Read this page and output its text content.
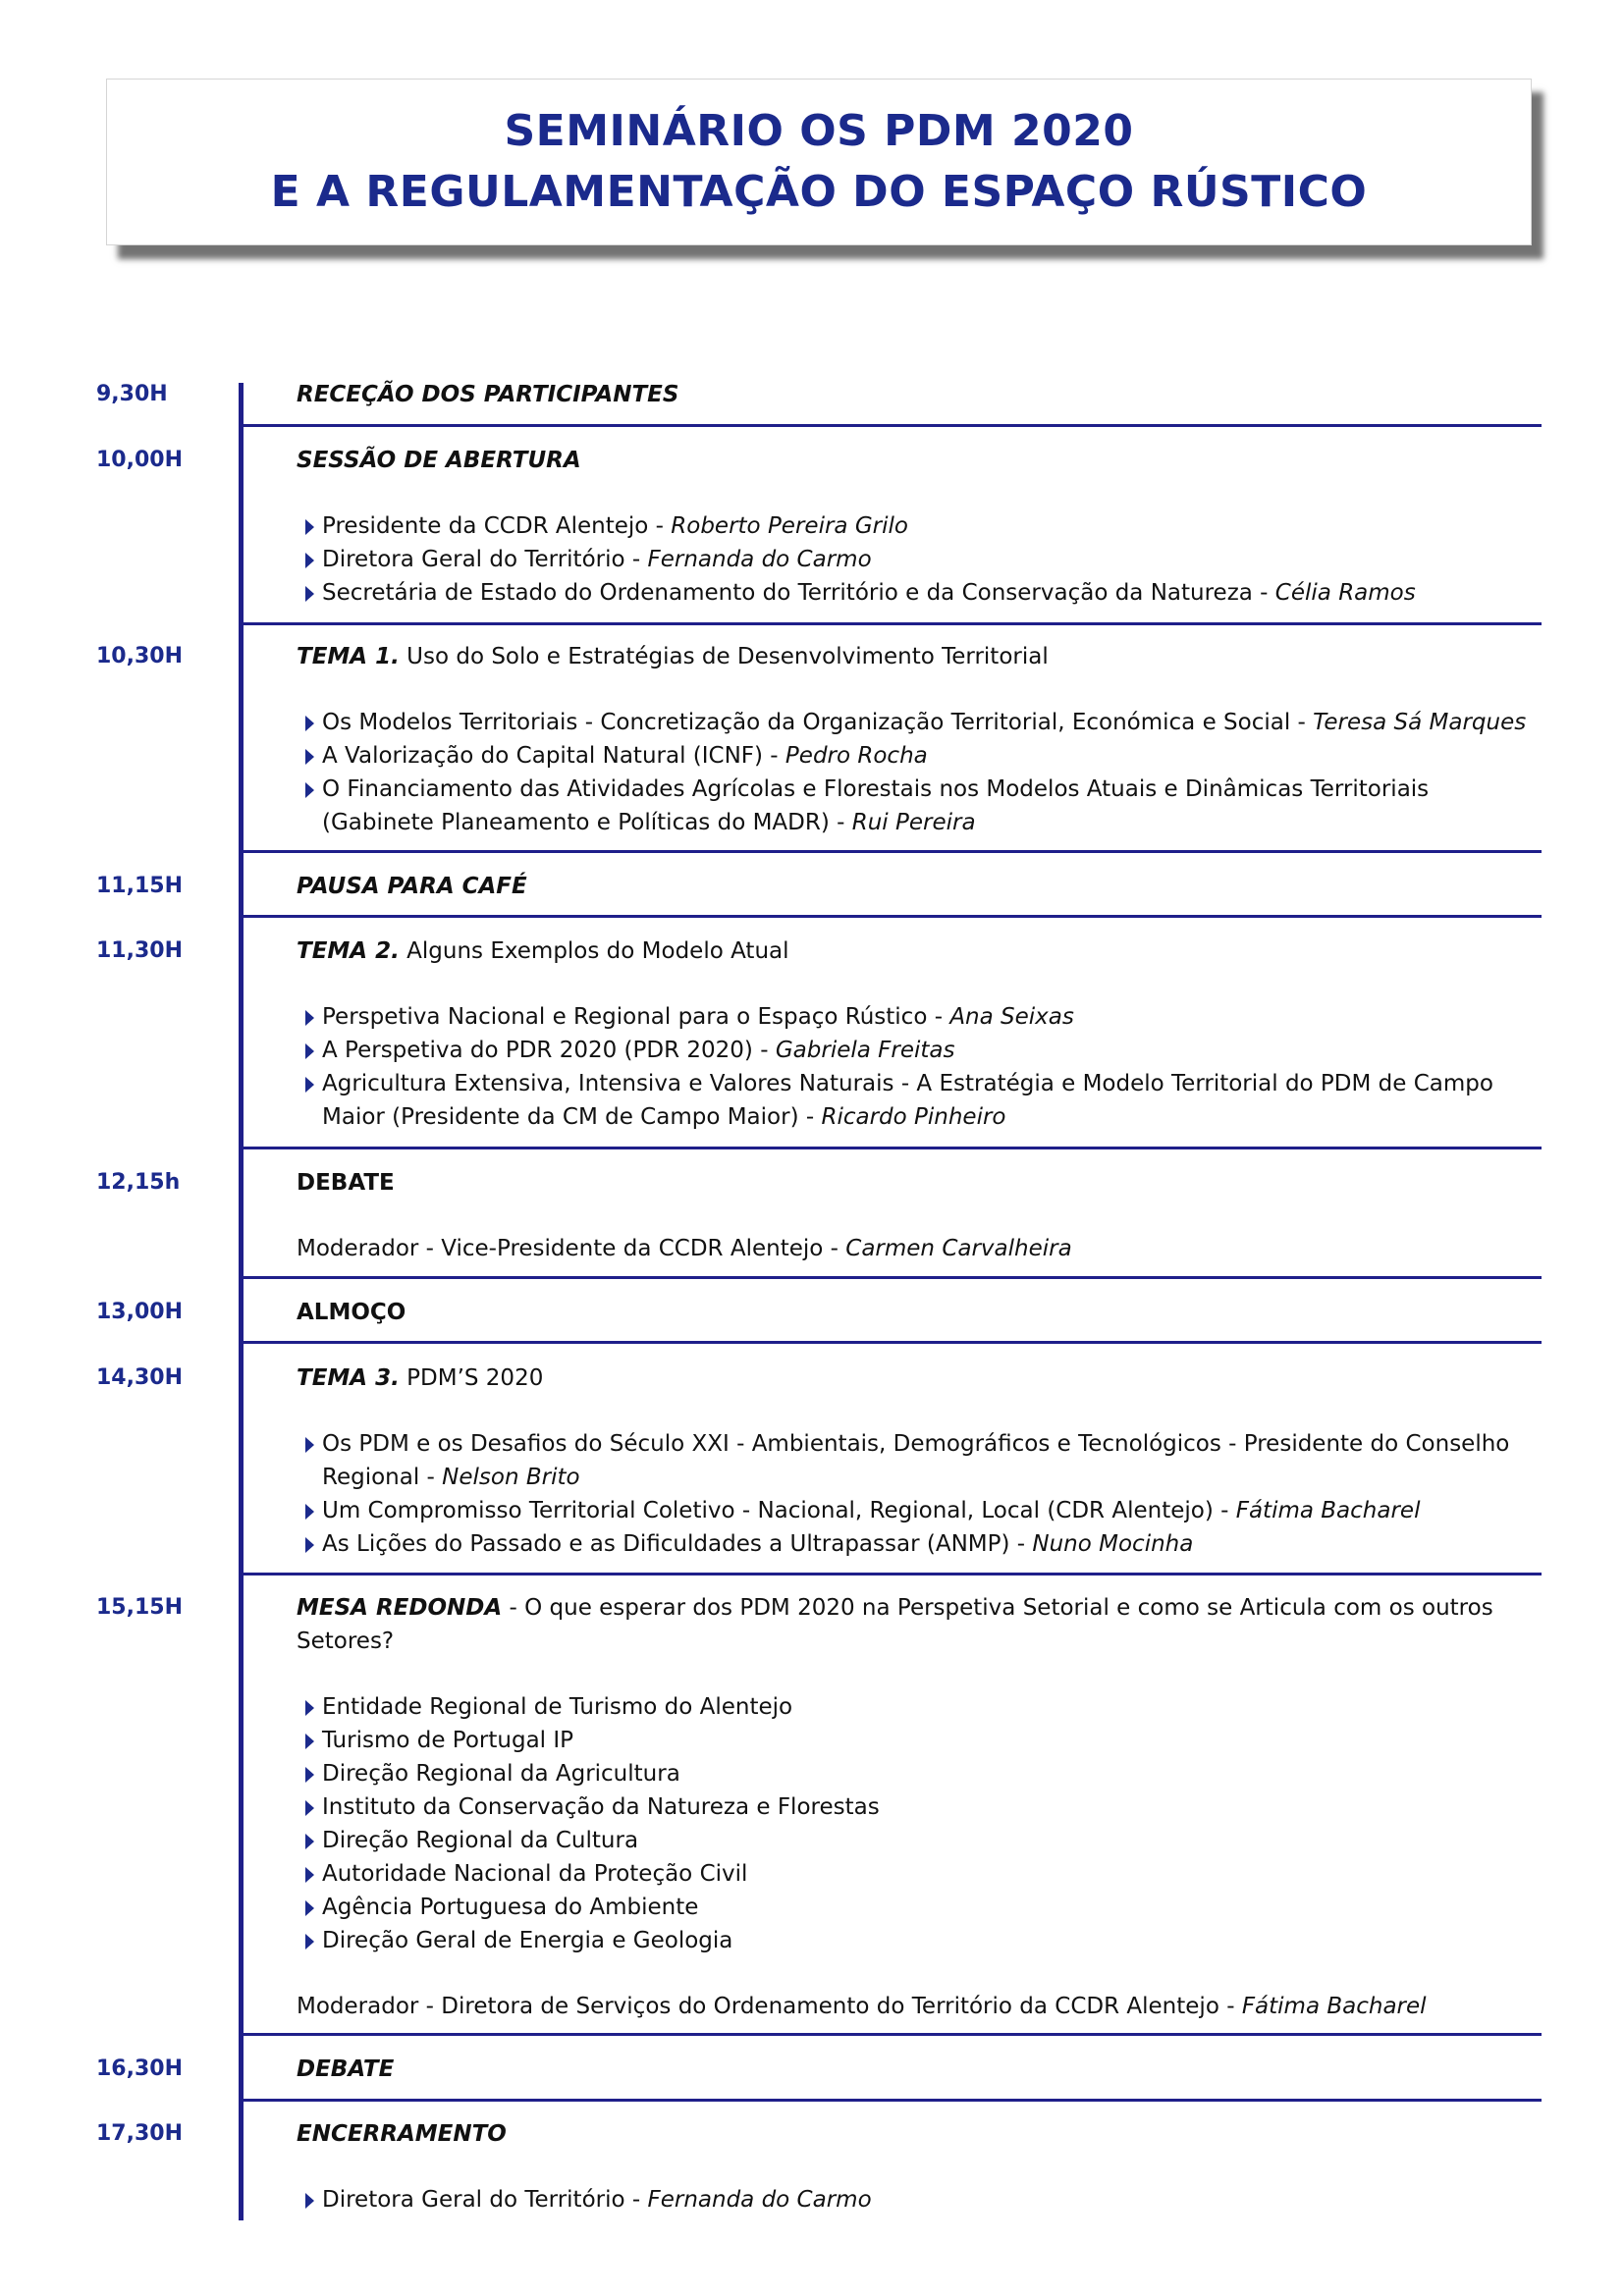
SEMINÁRIO OS PDM 2020
E A REGULAMENTAÇÃO DO ESPAÇO RÚSTICO
9,30H	RECEÇÃO DOS PARTICIPANTES
10,00H	SESSÃO DE ABERTURA
Presidente da CCDR Alentejo - Roberto Pereira Grilo
Diretora Geral do Território - Fernanda do Carmo
Secretária de Estado do Ordenamento do Território e da Conservação da Natureza - Célia Ramos
10,30H	TEMA 1. Uso do Solo e Estratégias de Desenvolvimento Territorial
Os Modelos Territoriais - Concretização da Organização Territorial, Económica e Social - Teresa Sá Marques
A Valorização do Capital Natural (ICNF) - Pedro Rocha
O Financiamento das Atividades Agrícolas e Florestais nos Modelos Atuais e Dinâmicas Territoriais
(Gabinete Planeamento e Políticas do MADR) - Rui Pereira
11,15H	PAUSA PARA CAFÉ
11,30H	TEMA 2. Alguns Exemplos do Modelo Atual
Perspetiva Nacional e Regional para o Espaço Rústico - Ana Seixas
A Perspetiva do PDR 2020 (PDR 2020) - Gabriela Freitas
Agricultura Extensiva, Intensiva e Valores Naturais - A Estratégia e Modelo Territorial do PDM de Campo
Maior (Presidente da CM de Campo Maior) - Ricardo Pinheiro
12,15h	DEBATE
Moderador - Vice-Presidente da CCDR Alentejo - Carmen Carvalheira
13,00H	ALMOÇO
14,30H	TEMA 3. PDM’S 2020
Os PDM e os Desafios do Século XXI - Ambientais, Demográficos e Tecnológicos - Presidente do Conselho
Regional - Nelson Brito
Um Compromisso Territorial Coletivo - Nacional, Regional, Local (CDR Alentejo) - Fátima Bacharel
As Lições do Passado e as Dificuldades a Ultrapassar (ANMP) - Nuno Mocinha
15,15H	MESA REDONDA - O que esperar dos PDM 2020 na Perspetiva Setorial e como se Articula com os outros Setores?
Entidade Regional de Turismo do Alentejo
Turismo de Portugal IP
Direção Regional da Agricultura
Instituto da Conservação da Natureza e Florestas
Direção Regional da Cultura
Autoridade Nacional da Proteção Civil
Agência Portuguesa do Ambiente
Direção Geral de Energia e Geologia
Moderador - Diretora de Serviços do Ordenamento do Território da CCDR Alentejo - Fátima Bacharel
16,30H	DEBATE
17,30H	ENCERRAMENTO
Diretora Geral do Território - Fernanda do Carmo
